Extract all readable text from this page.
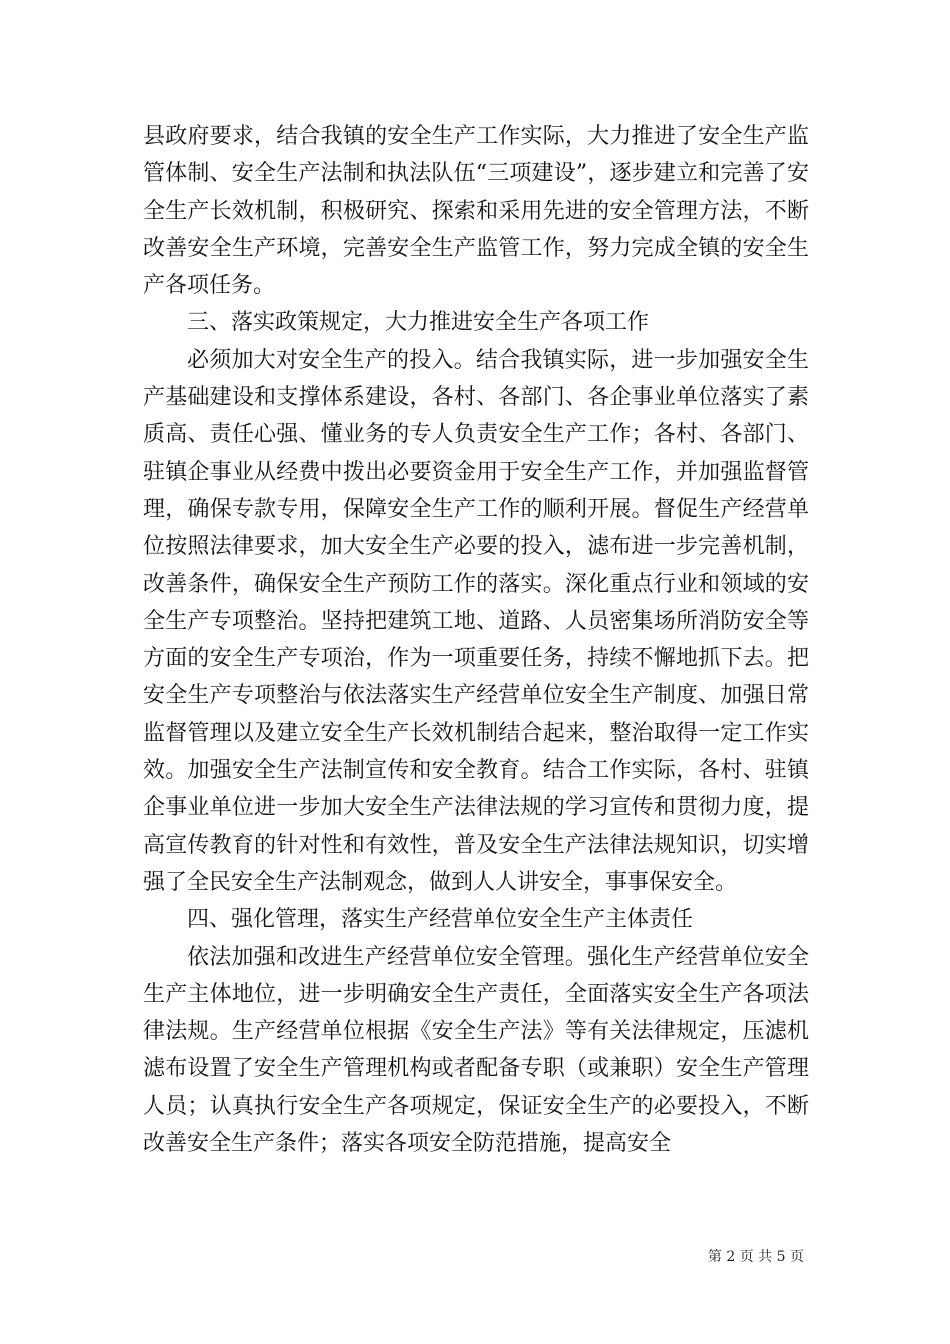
县政府要求，结合我镇的安全生产工作实际，大力推进了安全生产监管体制、安全生产法制和执法队伍“三项建设”，逐步建立和完善了安全生产长效机制，积极研究、探索和采用先进的安全管理方法，不断改善安全生产环境，完善安全生产监管工作，努力完成全镇的安全生产各项任务。

三、落实政策规定，大力推进安全生产各项工作

必须加大对安全生产的投入。结合我镇实际，进一步加强安全生产基础建设和支撑体系建设，各村、各部门、各企事业单位落实了素质高、责任心强、懂业务的专人负责安全生产工作；各村、各部门、驻镇企事业从经费中拨出必要资金用于安全生产工作，并加强监督管理，确保专款专用，保障安全生产工作的顺利开展。督促生产经营单位按照法律要求，加大安全生产必要的投入，滤布进一步完善机制，改善条件，确保安全生产预防工作的落实。深化重点行业和领域的安全生产专项整治。坚持把建筑工地、道路、人员密集场所消防安全等方面的安全生产专项治，作为一项重要任务，持续不懈地抓下去。把安全生产专项整治与依法落实生产经营单位安全生产制度、加强日常监督管理以及建立安全生产长效机制结合起来，整治取得一定工作实效。加强安全生产法制宣传和安全教育。结合工作实际，各村、驻镇企事业单位进一步加大安全生产法律法规的学习宣传和贯彻力度，提高宣传教育的针对性和有效性，普及安全生产法律法规知识，切实增强了全民安全生产法制观念，做到人人讲安全，事事保安全。

四、强化管理，落实生产经营单位安全生产主体责任

依法加强和改进生产经营单位安全管理。强化生产经营单位安全生产主体地位，进一步明确安全生产责任，全面落实安全生产各项法律法规。生产经营单位根据《安全生产法》等有关法律规定，压滤机滤布设置了安全生产管理机构或者配备专职（或兼职）安全生产管理人员；认真执行安全生产各项规定，保证安全生产的必要投入，不断改善安全生产条件；落实各项安全防范措施，提高安全

第 2 页 共 5 页
